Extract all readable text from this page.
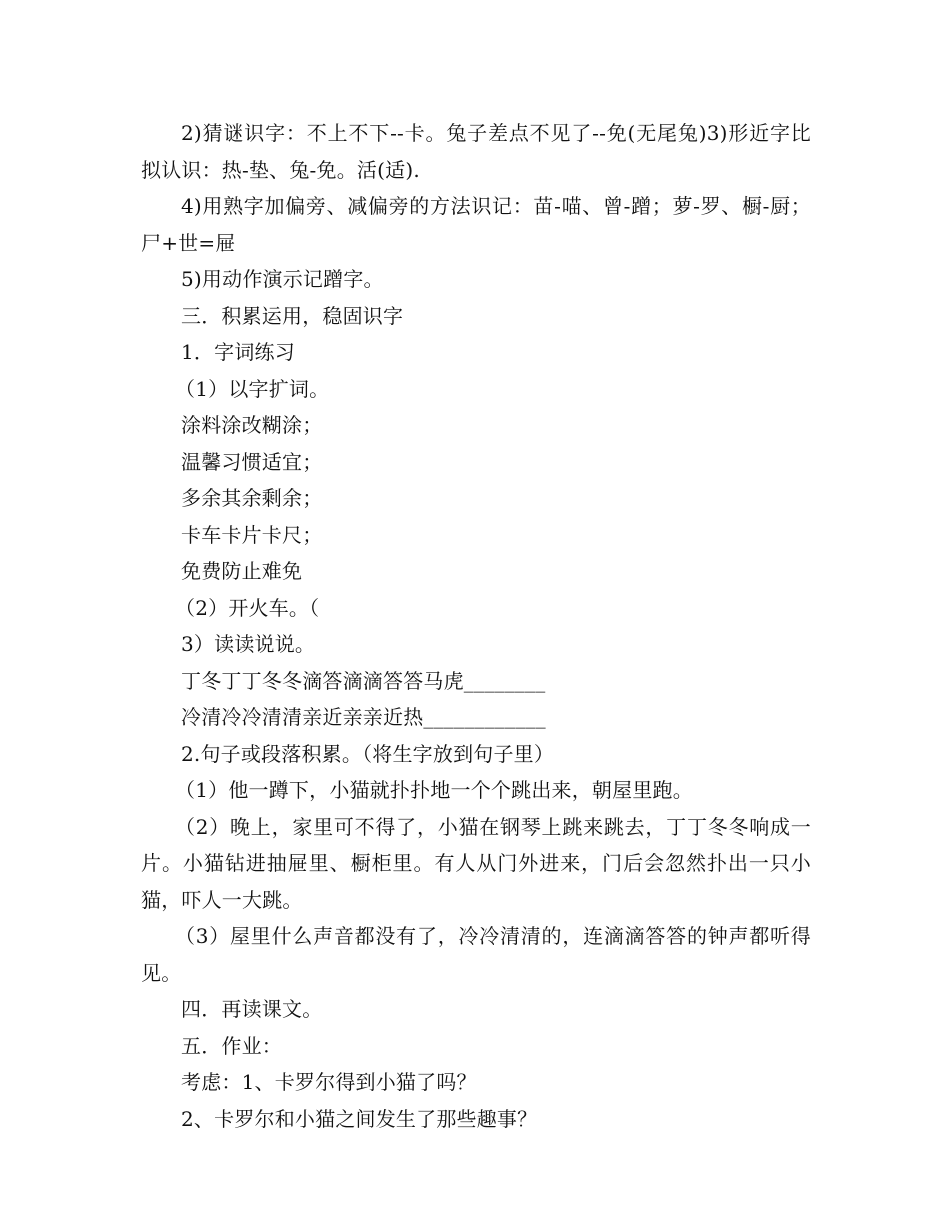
2)猜谜识字：不上不下--卡。兔子差点不见了--免(无尾兔)3)形近字比拟认识：热-垫、兔-免。活(适).
4)用熟字加偏旁、减偏旁的方法识记：苗-喵、曾-蹭；萝-罗、橱-厨；尸+世=屉
5)用动作演示记蹭字。
三．积累运用，稳固识字
1．字词练习
（1）以字扩词。
涂料涂改糊涂；
温馨习惯适宜；
多余其余剩余；
卡车卡片卡尺；
免费防止难免
（2）开火车。（
3）读读说说。
丁冬丁丁冬冬滴答滴滴答答马虎________
冷清冷冷清清亲近亲亲近热____________
2.句子或段落积累。（将生字放到句子里）
（1）他一蹲下，小猫就扑扑地一个个跳出来，朝屋里跑。
（2）晚上，家里可不得了，小猫在钢琴上跳来跳去，丁丁冬冬响成一片。小猫钻进抽屉里、橱柜里。有人从门外进来，门后会忽然扑出一只小猫，吓人一大跳。
（3）屋里什么声音都没有了，冷冷清清的，连滴滴答答的钟声都听得见。
四．再读课文。
五．作业：
考虑：1、卡罗尔得到小猫了吗？
2、卡罗尔和小猫之间发生了那些趣事？
